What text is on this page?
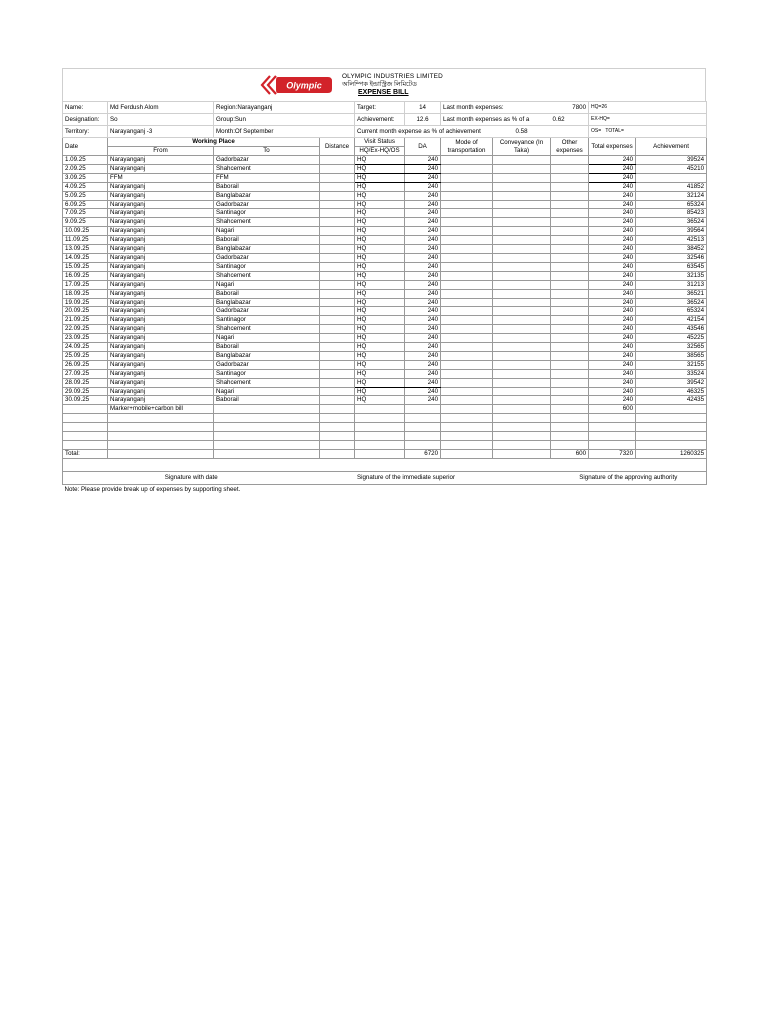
Olympic
OLYMPIC INDUSTRIES LIMITED
অলিম্পিক ইন্ডাস্ট্রিজ লিমিটেড
EXPENSE BILL
Name:	Md Ferdush Alom	Region:Narayanganj		Target:	14	Last month expenses:		7800	HQ=26	
Designation:	So	Group:Sun		Achievement:	12.6	Last month expenses as % of a		0.62	EX-HQ=	
Territory:	Narayanganj -3	Month:Of September		Current month expense as % of achievement			0.58		OS= TOTAL=	
Date	Working Place		Distance	Visit Status	DA	Mode of transportation	Conveyance (In Taka)	Other expenses	Total expenses	Achievement
	From	To		HQ/Ex-HQ/OS						
1.09.25	Narayanganj	Gadorbazar		HQ	240				240	39524
2.09.25	Narayanganj	Shahcement		HQ	240				240	45210
3.09.25	FFM	FFM		HQ	240				240	
4.09.25	Narayanganj	Baborail		HQ	240				240	41852
5.09.25	Narayanganj	Banglabazar		HQ	240				240	32124
6.09.25	Narayanganj	Gadorbazar		HQ	240				240	65324
7.09.25	Narayanganj	Santinagor		HQ	240				240	85423
9.09.25	Narayanganj	Shahcement		HQ	240				240	36524
10.09.25	Narayanganj	Nagari		HQ	240				240	39564
11.09.25	Narayanganj	Baborail		HQ	240				240	42513
13.09.25	Narayanganj	Banglabazar		HQ	240				240	38452
14.09.25	Narayanganj	Gadorbazar		HQ	240				240	32546
15.09.25	Narayanganj	Santinagor		HQ	240				240	63545
16.09.25	Narayanganj	Shahcement		HQ	240				240	32135
17.09.25	Narayanganj	Nagari		HQ	240				240	31213
18.09.25	Narayanganj	Baborail		HQ	240				240	36521
19.09.25	Narayanganj	Banglabazar		HQ	240				240	36524
20.09.25	Narayanganj	Gadorbazar		HQ	240				240	65324
21.09.25	Narayanganj	Santinagor		HQ	240				240	42154
22.09.25	Narayanganj	Shahcement		HQ	240				240	43546
23.09.25	Narayanganj	Nagari		HQ	240				240	45225
24.09.25	Narayanganj	Baborail		HQ	240				240	32565
25.09.25	Narayanganj	Banglabazar		HQ	240				240	38565
26.09.25	Narayanganj	Gadorbazar		HQ	240				240	32155
27.09.25	Narayanganj	Santinagor		HQ	240				240	33524
28.09.25	Narayanganj	Shahcement		HQ	240				240	39542
29.09.25	Narayanganj	Nagari		HQ	240				240	46325
30.09.25	Narayanganj	Baborail		HQ	240				240	42435
	Marker+mobile+carbon bill								600	

Total:					6720			600	7320	1260325

Signature with date			Signature of the immediate superior					Signature of the approving authority		
Note: Please provide break up of expenses by supporting sheet.										
